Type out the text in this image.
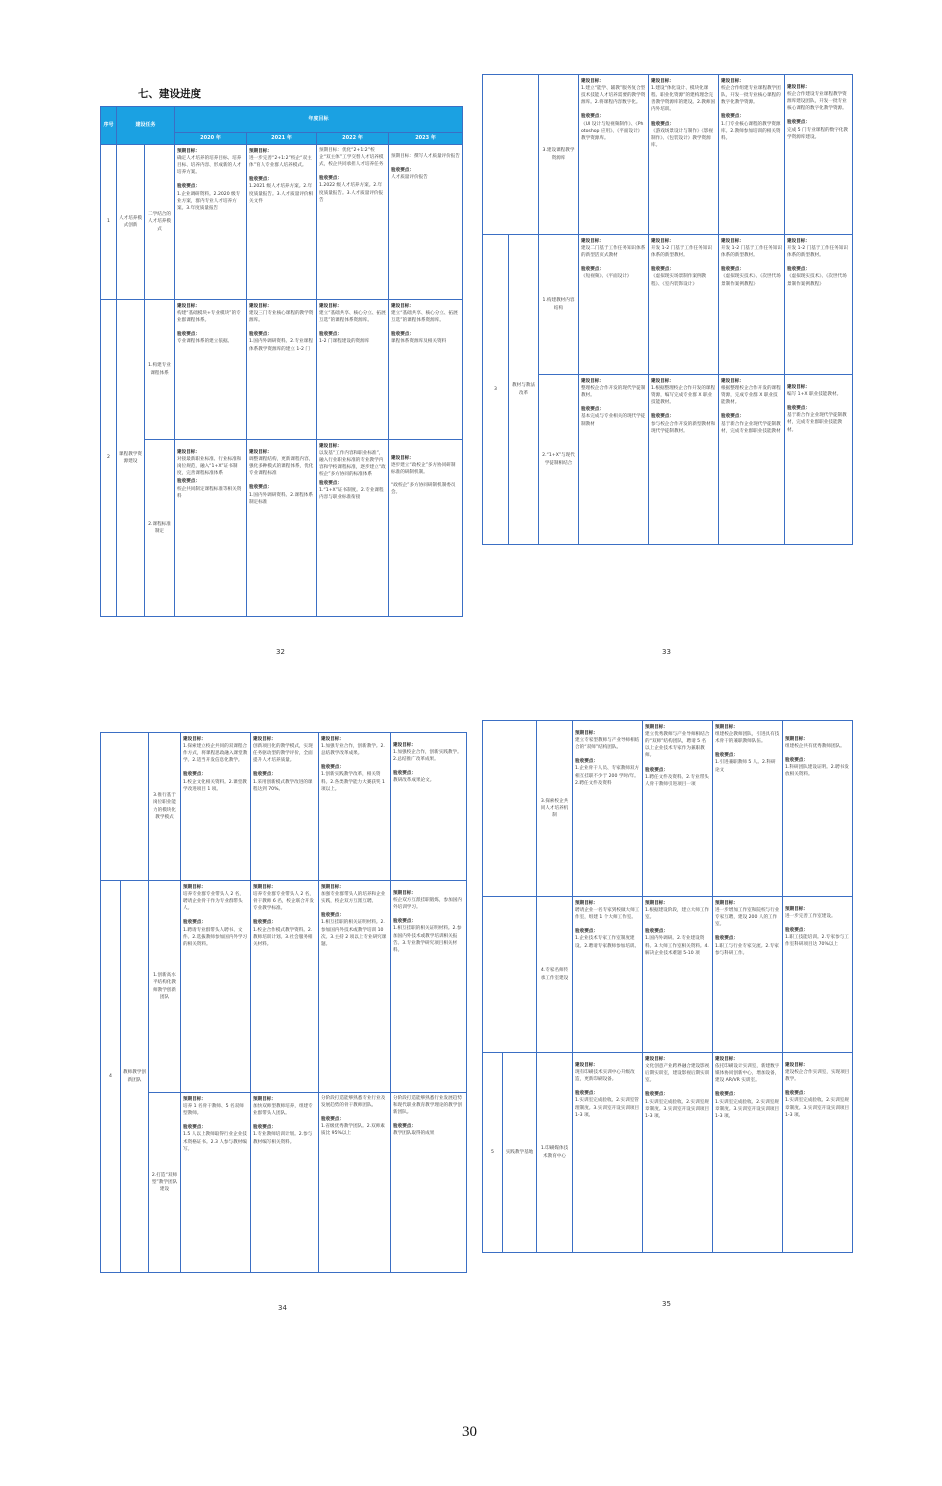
七、建设进度
序号	建设任务		年度目标			
			2020 年	2021 年	2022 年	2023 年
1	人才培养模式创新	二学结合的人才培养模式	预期目标：
确定人才培养的培养目标、培养目标、培养内容、形成新的人才培养方案。
验收要点：
1.企业调研资料。2.2020 级专业方案，群内专业人才培养方案。3.年度质量报告	预期目标：
进一步完善“2+1:2”校企“双主体”育人专业群人培养模式。
验收要点：
1.2021 级人才培养方案。2.年度质量报告。3.人才质量评价相关文件	预期目标：优化“2+1:2”校企“双主体”工学交替人才培养模式，校企共同承担人才培养任务
验收要点：
1.2022 级人才培养方案。2.年度质量报告。3.人才质量评价报告	预期目标：撰写人才质量评价报告
验收要点：
人才质量评价报告

2	课程教学资源建设	1.构建专业课程体系	建设目标：
构建“基础模块+专业模块”的专业群课程体系。
验收要点：
专业课程体系的建立依据。	建设目标：
建设三门专业核心课程的教学资源库。
验收要点：
1.国内外调研资料。2.专业课程体系教学资源库的建立 1-2 门	建设目标：
建立“基础共享、核心分立、拓展互选”的课程体系资源库。
验收要点：
1-2 门课程建设的资源库	建设目标：
建立“基础共享、核心分立、拓展互选”的课程体系资源库。
验收要点：
课程体系资源库及相关资料

		2.课程标准制定	建设目标：
对接最新职业标准、行业标准和岗位规范，融入“1+X”证书制度，完善课程标准体系
验收要点：
校企共同制定课程标准等相关资料	建设目标：
调整课程结构，更新课程内容，强化多种模式的课程体系，优化专业课程标准
验收要点：
1.国内外调研资料。2.课程体系制定标准	建设目标：
以发基“工作内容和职业标准”，融入行业职业标准的专业教学内容和学校课程标准，逐步建立“政校企”多方协同的标准体系
验收要点：
1.“1+X”证书制度。2.专业课程内容与职业标准衔接	建设目标：
逐步建立“政校企”多方协同研制标准的研制机制。
“政校企”多方协同研制机制委员会。
32
		3.建设课程教学资源库	建设目标：
1.建立“能学、辅教”服务复合型技术技能人才培养需要的教学资源库。2.将课程内容数字化。
验收要点：
《UI 设计与短视频制作》、《Photoshop 应用》、《平面设计》教学资源库。	建设目标：
1.建设“体化设计、模块化课程、职业化资源”的建构理念完善教学资源库的建设。2.教师国内外培训。
验收要点：
《游戏场景设计与制作》《影视制作》、《包装设计》教学资源库。	建设目标：
校企合作组建专业课程教学团队，开发一批专业核心课程的数字化教学资源。
验收要点：
1.门专业核心课程的教学资源库。2.教师参加培训的相关资料。	建设目标：
校企合作建设专业课程教学资源库建设团队，开发一批专业核心课程的数字化教学资源。
验收要点：
完成 5 门专业课程的数字化教学资源库建设。

3	教材与教法改革	1.构建教材内容结构	建设目标：
建设二门基于工作任务知识体系的新型活页式教材
验收要点：
《短视频》、《平面设计》	建设目标：
开发 1-2 门基于工作任务知识体系的新型教材。
验收要点：
《虚拟现实场景制作案例教程》、《室内装饰设计》	建设目标：
开发 1-2 门基于工作任务知识体系的新型教材。
验收要点：
《虚拟现实技术》、《次世代场景制作案例教程》	建设目标：
开发 1-2 门基于工作任务知识体系的新型教材。
验收要点：
《虚拟现实技术》、《次世代场景制作案例教程》

		2.“1+X”与现代学徒制相结合	建设目标：
整理校企合作开发的现代学徒制教材。
验收要点：
基本完成与专业相关的现代学徒制教材	建设目标：
1.根据整理校企合作开发的课程资源，编写完成专业群 X 职业技能教材。
验收要点：
参与校企合作开发的新型教材和现代学徒制教材。	建设目标：
根据整理校企合作开发的课程资源，完成专业群 X 职业技能教材。
验收要点：
基于新合作企业现代学徒制教材，完成专业群职业技能教材	建设目标：
编写 1+X 职业技能教材。
验收要点：
基于新合作企业现代学徒制教材，完成专业群职业技能教材。
33
		3.推行基于岗位职业能力的模块化教学模式	建设目标：
1.探索建立校企共同的双课程合作方式，将课程思政融入课堂教学。2.适当开发信息化教学。
验收要点：
1.校企文化相关资料。2.课堂教学改进项目 1 项。	建设目标：
创新项目化的教学模式，实现任务驱动型的教学评价，全面提升人才培养质量。
验收要点：
1.采用创新模式教学改进的课程达到 70%。	建设目标：
1.加强专业合作，创新教学。2.总结教学改革成果。
验收要点：
1.创新实践教学改革，相关资料。2.各类教学能力大赛获奖 1 项以上。	建设目标：
1.加强校企合作，创新实践教学。2.总结推广改革成果。
验收要点：
教研改革成果论文。

4	教师教学创新团队	1.创新高水平结构化教师教学创新团队	预期目标：
培养专业群专业带头人 2 名，聘请企业骨干作为专业群带头人。
验收要点：
1.聘请专业群带头人聘书、文件。2.选拔教师参加国内外学习的相关资料。	预期目标：
培养专业群专业带头人 2 名，骨干教师 6 名，校企联合开发专业教学标准。
验收要点：
1.校企合作模式教学资料。2.教师培训计划。3.社会服务相关材料。	预期目标：
加强专业群带头人的培养和企业实践，校企双方互派互聘。
验收要点：
1.相互挂职的相关证明材料。2.参加国内外技术或教学培训 10 次。3.主持 2 项以上专业研究课题。	预期目标：
校企双方互派挂职锻炼，参加国内外培训学习。
验收要点：
1.相互挂职的相关证明材料。2.参加国内外技术或教学培训相关报告。3.专业教学研究项目相关材料。

		2.打造“双师型”教学团队建设	预期目标：
培养 1 名骨干教师、5 名双师型教师。
验收要点：
1.5 人以上教师取得行业企业技术资格证书。2.3 人参与教材编写。	预期目标：
加快双师型教师培养，组建专业群带头人团队。
验收要点：
1.专业教师培训计划。2.参与教材编写相关资料。	分阶段打造能够熟悉专业行业及发展趋势的骨干教师团队。
验收要点：
1.省级优秀教学团队。2.双师素质比 95%以上	分阶段打造能够熟悉行业发展趋势和现代职业教育教学理论的教学创新团队。
验收要点：
教学团队取得的成果
34
		3.探索校企共同人才培养机制	预期目标：
建立专家型教师与产业导师相结合的“双师”结构团队。
验收要点：
1.企业骨干人员、专家教师双方相互挂职不少于 200 学时/年。2.聘任文件及资料	预期目标：
建立优秀教师与产业导师相结合的“双师”结构团队，聘请 5 名以上企业技术专家作为兼职教师。
验收要点：
1.聘任文件及资料。2.专业带头人骨干教师引进项目一项	预期目标：
组建校企教师团队，引进具有技术骨干的兼职教师队伍。
验收要点：
1.引进兼职教师 5 人。2.科研论文	预期目标：
组建校企共有优秀教师团队。
验收要点：
1.科研团队建设证明。2.聘书发放相关资料。

		4.专家名师传承工作室建设	预期目标：
聘请企业一名专家到校做大师工作室，组建 1 个大师工作室。
验收要点：
1.企业技术专家工作室制度建设。2.聘请专家教师参加培训。	预期目标：
1.根据建设阶段，建立大师工作室。
验收要点：
1.国内外调研。2.专业建设资料。3.大师工作室相关资料。4.解决企业技术难题 5-10 项	预期目标：
进一步增加工作室和院校与行业专家互聘，建设 200 人的工作室。
验收要点：
1.职工与行业专家交流。2.专家参与科研工作。	预期目标：
进一步完善工作室建设。
验收要点：
1.职工技能培训。2.专家参与工作室科研项目达 70%以上

5	实践教学基地	1.印刷媒体技术教育中心	建设目标：
现有印刷技术实训中心升级改造，更新印刷设备。
验收要点：
1.实训室完成验收。2.实训室管理制度。3.实训室开设实训项目 1-3 项。	建设目标：
文化创意产业跨界融合建设影视后期实训室，建设影视后期实训室。
验收要点：
1.实训室完成验收。2.实训室规章制度。3.实训室开设实训项目 1-3 项。	建设目标：
依托印刷设计实训室，新建数字媒体协同创新中心，增加设备，建设 AR/VR 实训室。
验收要点：
1.实训室完成验收。2.实训室规章制度。3.实训室开设实训项目 1-3 项。	建设目标：
建设校企合作实训室，实现项目教学。
验收要点：
1.实训室完成验收。2.实训室规章制度。3.实训室开设实训项目 1-3 项。
35
30
